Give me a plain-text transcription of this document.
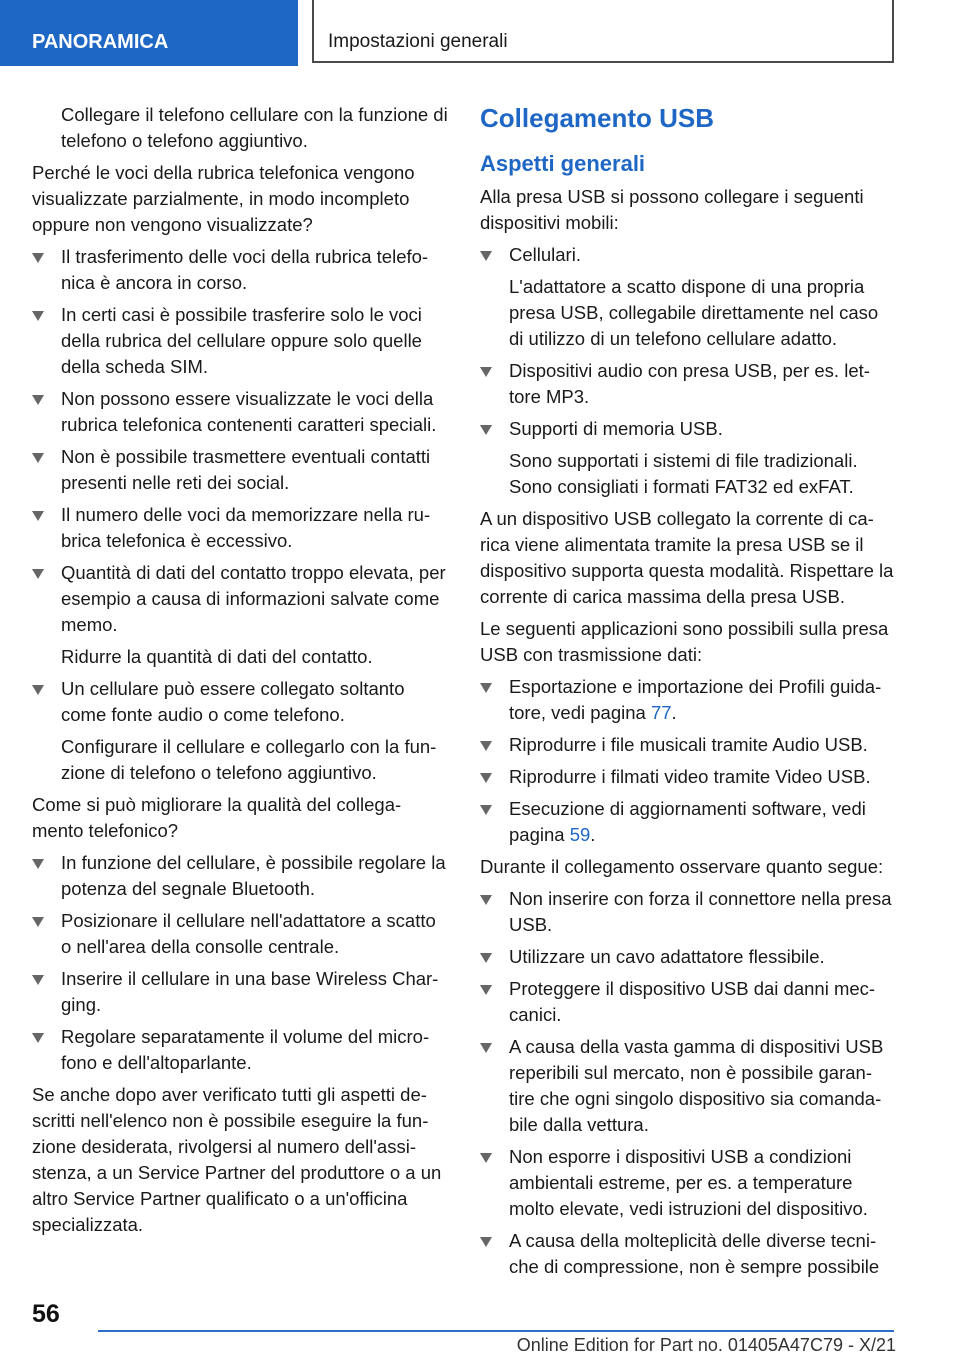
PANORAMICA	Impostazioni generali

Collegare il telefono cellulare con la funzione di telefono o telefono aggiuntivo.

Perché le voci della rubrica telefonica vengono visualizzate parzialmente, in modo incompleto oppure non vengono visualizzate?

Il trasferimento delle voci della rubrica telefo-nica è ancora in corso.
In certi casi è possibile trasferire solo le voci della rubrica del cellulare oppure solo quelle della scheda SIM.
Non possono essere visualizzate le voci della rubrica telefonica contenenti caratteri speciali.
Non è possibile trasmettere eventuali contatti presenti nelle reti dei social.
Il numero delle voci da memorizzare nella ru-brica telefonica è eccessivo.
Quantità di dati del contatto troppo elevata, per esempio a causa di informazioni salvate come memo.
Ridurre la quantità di dati del contatto.
Un cellulare può essere collegato soltanto come fonte audio o come telefono.
Configurare il cellulare e collegarlo con la fun-zione di telefono o telefono aggiuntivo.

Come si può migliorare la qualità del collega-mento telefonico?

In funzione del cellulare, è possibile regolare la potenza del segnale Bluetooth.
Posizionare il cellulare nell'adattatore a scatto o nell'area della consolle centrale.
Inserire il cellulare in una base Wireless Char-ging.
Regolare separatamente il volume del micro-fono e dell'altoparlante.

Se anche dopo aver verificato tutti gli aspetti de-scritti nell'elenco non è possibile eseguire la fun-zione desiderata, rivolgersi al numero dell'assi-stenza, a un Service Partner del produttore o a un altro Service Partner qualificato o a un'officina specializzata.

Collegamento USB
Aspetti generali

Alla presa USB si possono collegare i seguenti dispositivi mobili:

Cellulari.
L'adattatore a scatto dispone di una propria presa USB, collegabile direttamente nel caso di utilizzo di un telefono cellulare adatto.
Dispositivi audio con presa USB, per es. let-tore MP3.
Supporti di memoria USB.
Sono supportati i sistemi di file tradizionali. Sono consigliati i formati FAT32 ed exFAT.

A un dispositivo USB collegato la corrente di ca-rica viene alimentata tramite la presa USB se il dispositivo supporta questa modalità. Rispettare la corrente di carica massima della presa USB.

Le seguenti applicazioni sono possibili sulla presa USB con trasmissione dati:

Esportazione e importazione dei Profili guida-tore, vedi pagina 77.
Riprodurre i file musicali tramite Audio USB.
Riprodurre i filmati video tramite Video USB.
Esecuzione di aggiornamenti software, vedi pagina 59.

Durante il collegamento osservare quanto segue:

Non inserire con forza il connettore nella presa USB.
Utilizzare un cavo adattatore flessibile.
Proteggere il dispositivo USB dai danni mec-canici.
A causa della vasta gamma di dispositivi USB reperibili sul mercato, non è possibile garan-tire che ogni singolo dispositivo sia comanda-bile dalla vettura.
Non esporre i dispositivi USB a condizioni ambientali estreme, per es. a temperature molto elevate, vedi istruzioni del dispositivo.
A causa della molteplicità delle diverse tecni-che di compressione, non è sempre possibile
56
Online Edition for Part no. 01405A47C79 - X/21
